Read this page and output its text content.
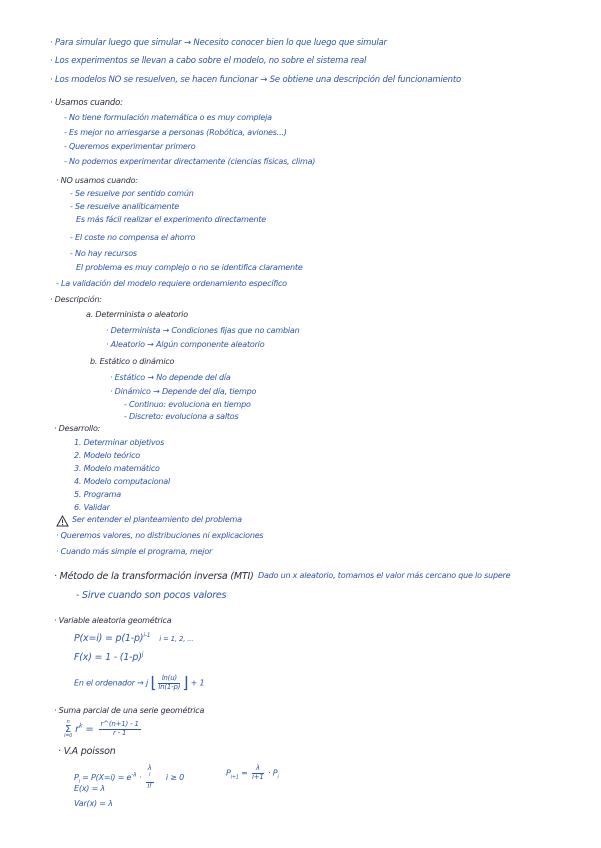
· Para simular luego que simular → Necesito conocer bien lo que luego que simular
· Los experimentos se llevan a cabo sobre el modelo, no sobre el sistema real
· Los modelos NO se resuelven, se hacen funcionar → Se obtiene una descripción del funcionamiento
· Usamos cuando:
- No tiene formulación matemática o es muy compleja
- Es mejor no arriesgarse a personas (Robótica, aviones...)
- Queremos experimentar primero
- No podemos experimentar directamente (ciencias físicas, clima)
· NO usamos cuando:
- Se resuelve por sentido común
- Se resuelve analíticamente
Es más fácil realizar el experimento directamente
- El coste no compensa el ahorro
- No hay recursos
El problema es muy complejo o no se identifica claramente
- La validación del modelo requiere ordenamiento específico
· Descripción:
a. Determinista o aleatorio
· Determinista → Condiciones fijas que no cambian
· Aleatorio → Algún componente aleatorio
b. Estático o dinámico
· Estático → No depende del día
· Dinámico → Depende del día, tiempo
- Continuo: evoluciona en tiempo
- Discreto: evoluciona a saltos
· Desarrollo:
1. Determinar objetivos
2. Modelo teórico
3. Modelo matemático
4. Modelo computacional
5. Programa
6. Validar
Ser entender el planteamiento del problema
· Queremos valores, no distribuciones ni explicaciones
· Cuando más simple el programa, mejor
· Método de la transformación inversa (MTI) Dado un x aleatorio, tomamos el valor más cercano que lo supere
- Sirve cuando son pocos valores
· Variable aleatoria geométrica
$P(x=i) = p(1-p)^{i-1}$ i = 1, 2, ...
$F(x) = 1 - (1-p)^j$
En el ordenador → j ⌊ $\frac{\ln(u)}{\ln(1-p)}$ ⌋ + 1
· Suma parcial de una serie geométrica
n
Σ
i=0
$r^k = \frac{r\^{}(n+1) - 1}{r - 1}$
· V.A poisson
$P_i = P(X=i) = e^{-\lambda} \cdot \lambda$
$^i$
i! i ≥ 0
$P_{i+1} = \frac{\lambda}{i+1} \cdot P_i$
E(x) = λ
Var(x) = λ
